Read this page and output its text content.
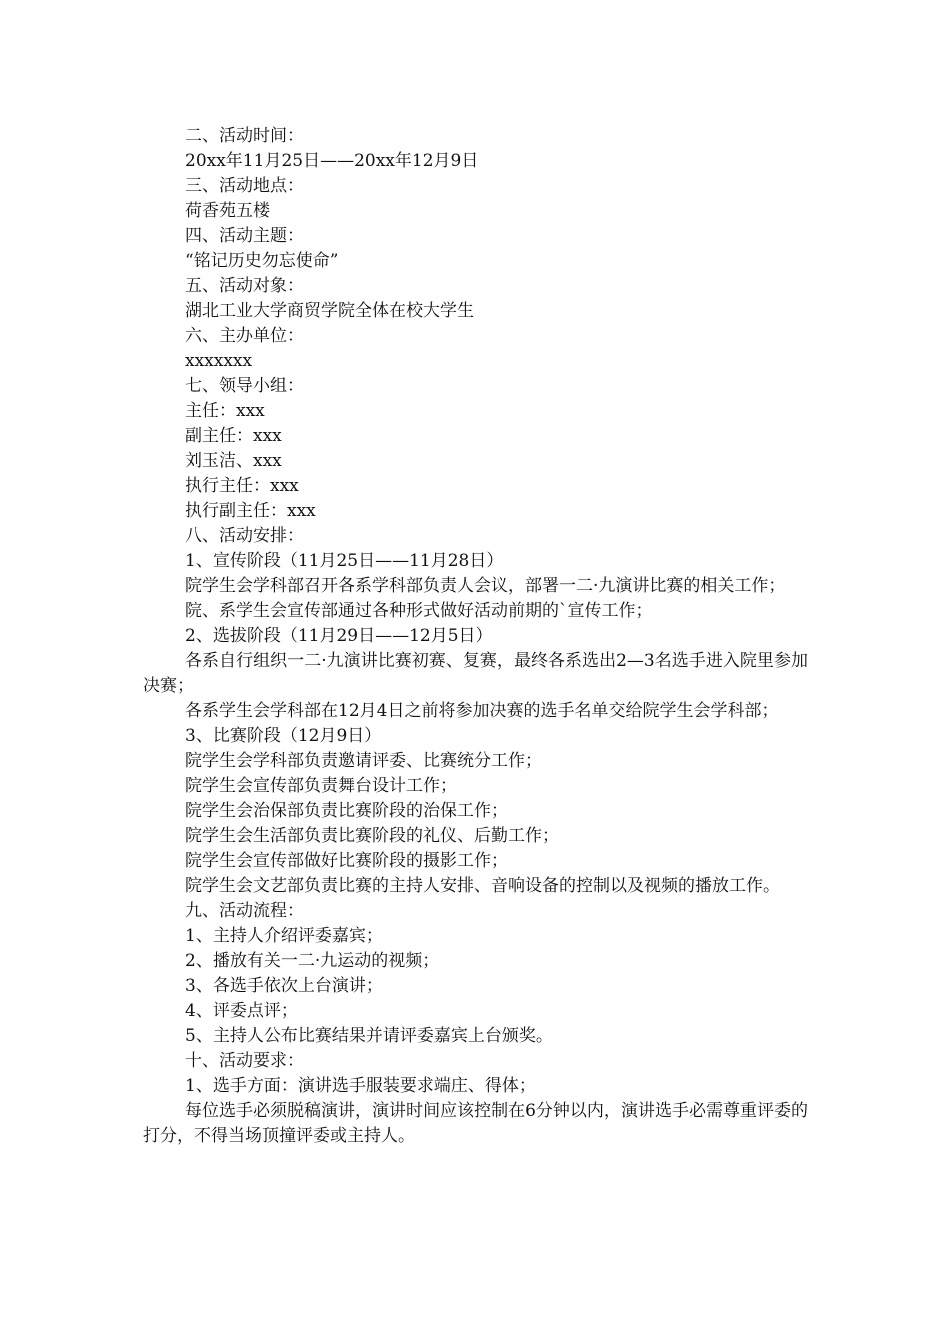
二、活动时间：

20xx年11月25日——20xx年12月9日

三、活动地点：

荷香苑五楼

四、活动主题：

“铭记历史勿忘使命”

五、活动对象：

湖北工业大学商贸学院全体在校大学生

六、主办单位：

xxxxxxx

七、领导小组：

主任：xxx

副主任：xxx

刘玉洁、xxx

执行主任：xxx

执行副主任：xxx

八、活动安排：

1、宣传阶段（11月25日——11月28日）

院学生会学科部召开各系学科部负责人会议，部署一二·九演讲比赛的相关工作；

院、系学生会宣传部通过各种形式做好活动前期的`宣传工作；

2、选拔阶段（11月29日——12月5日）

各系自行组织一二·九演讲比赛初赛、复赛，最终各系选出2—3名选手进入院里参加决赛；

各系学生会学科部在12月4日之前将参加决赛的选手名单交给院学生会学科部；

3、比赛阶段（12月9日）

院学生会学科部负责邀请评委、比赛统分工作；

院学生会宣传部负责舞台设计工作；

院学生会治保部负责比赛阶段的治保工作；

院学生会生活部负责比赛阶段的礼仪、后勤工作；

院学生会宣传部做好比赛阶段的摄影工作；

院学生会文艺部负责比赛的主持人安排、音响设备的控制以及视频的播放工作。

九、活动流程：

1、主持人介绍评委嘉宾；

2、播放有关一二·九运动的视频；

3、各选手依次上台演讲；

4、评委点评；

5、主持人公布比赛结果并请评委嘉宾上台颁奖。

十、活动要求：

1、选手方面：演讲选手服装要求端庄、得体；

每位选手必须脱稿演讲，演讲时间应该控制在6分钟以内，演讲选手必需尊重评委的打分，不得当场顶撞评委或主持人。
